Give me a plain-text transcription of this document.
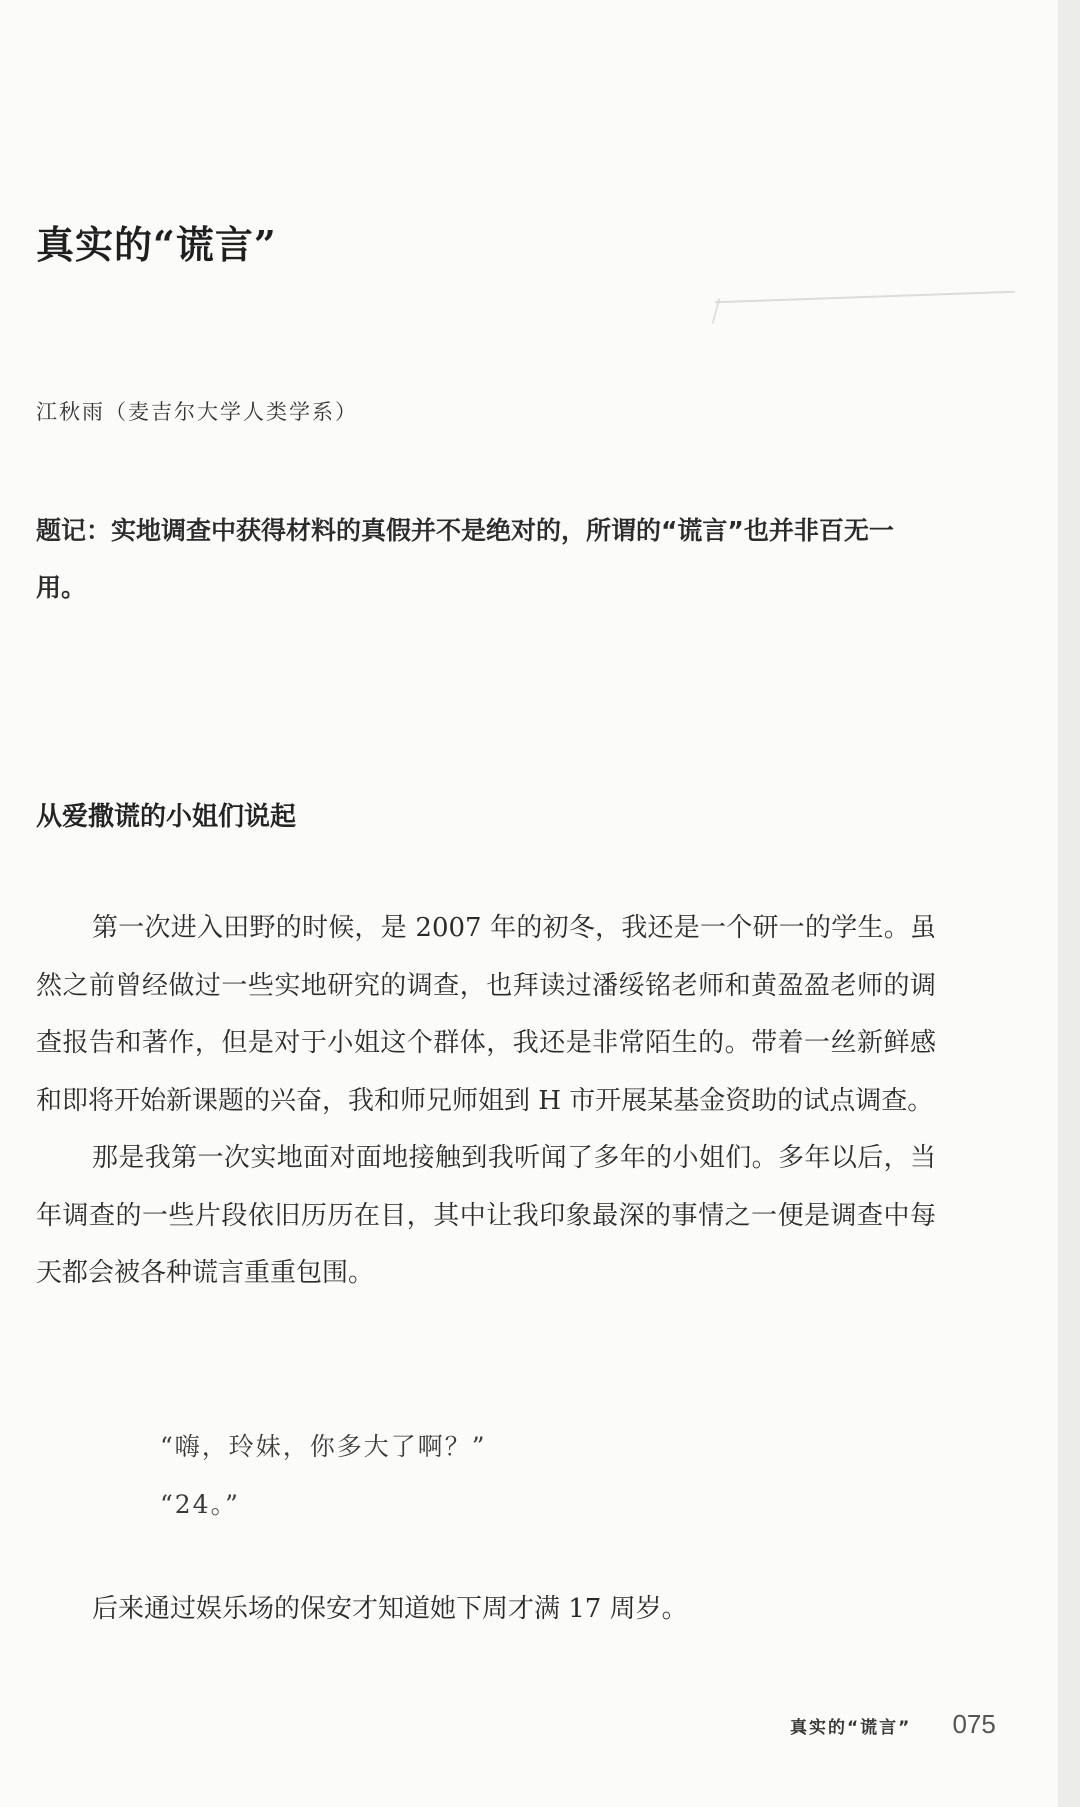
真实的“谎言”
江秋雨（麦吉尔大学人类学系）
题记：实地调查中获得材料的真假并不是绝对的，所谓的“谎言”也并非百无一用。
从爱撒谎的小姐们说起

第一次进入田野的时候，是 2007 年的初冬，我还是一个研一的学生。虽然之前曾经做过一些实地研究的调查，也拜读过潘绥铭老师和黄盈盈老师的调查报告和著作，但是对于小姐这个群体，我还是非常陌生的。带着一丝新鲜感和即将开始新课题的兴奋，我和师兄师姐到 H 市开展某基金资助的试点调查。

那是我第一次实地面对面地接触到我听闻了多年的小姐们。多年以后，当年调查的一些片段依旧历历在目，其中让我印象最深的事情之一便是调查中每天都会被各种谎言重重包围。

“嗨，玲妹，你多大了啊？”
“24。”
后来通过娱乐场的保安才知道她下周才满 17 周岁。
真实的“谎言” 075
